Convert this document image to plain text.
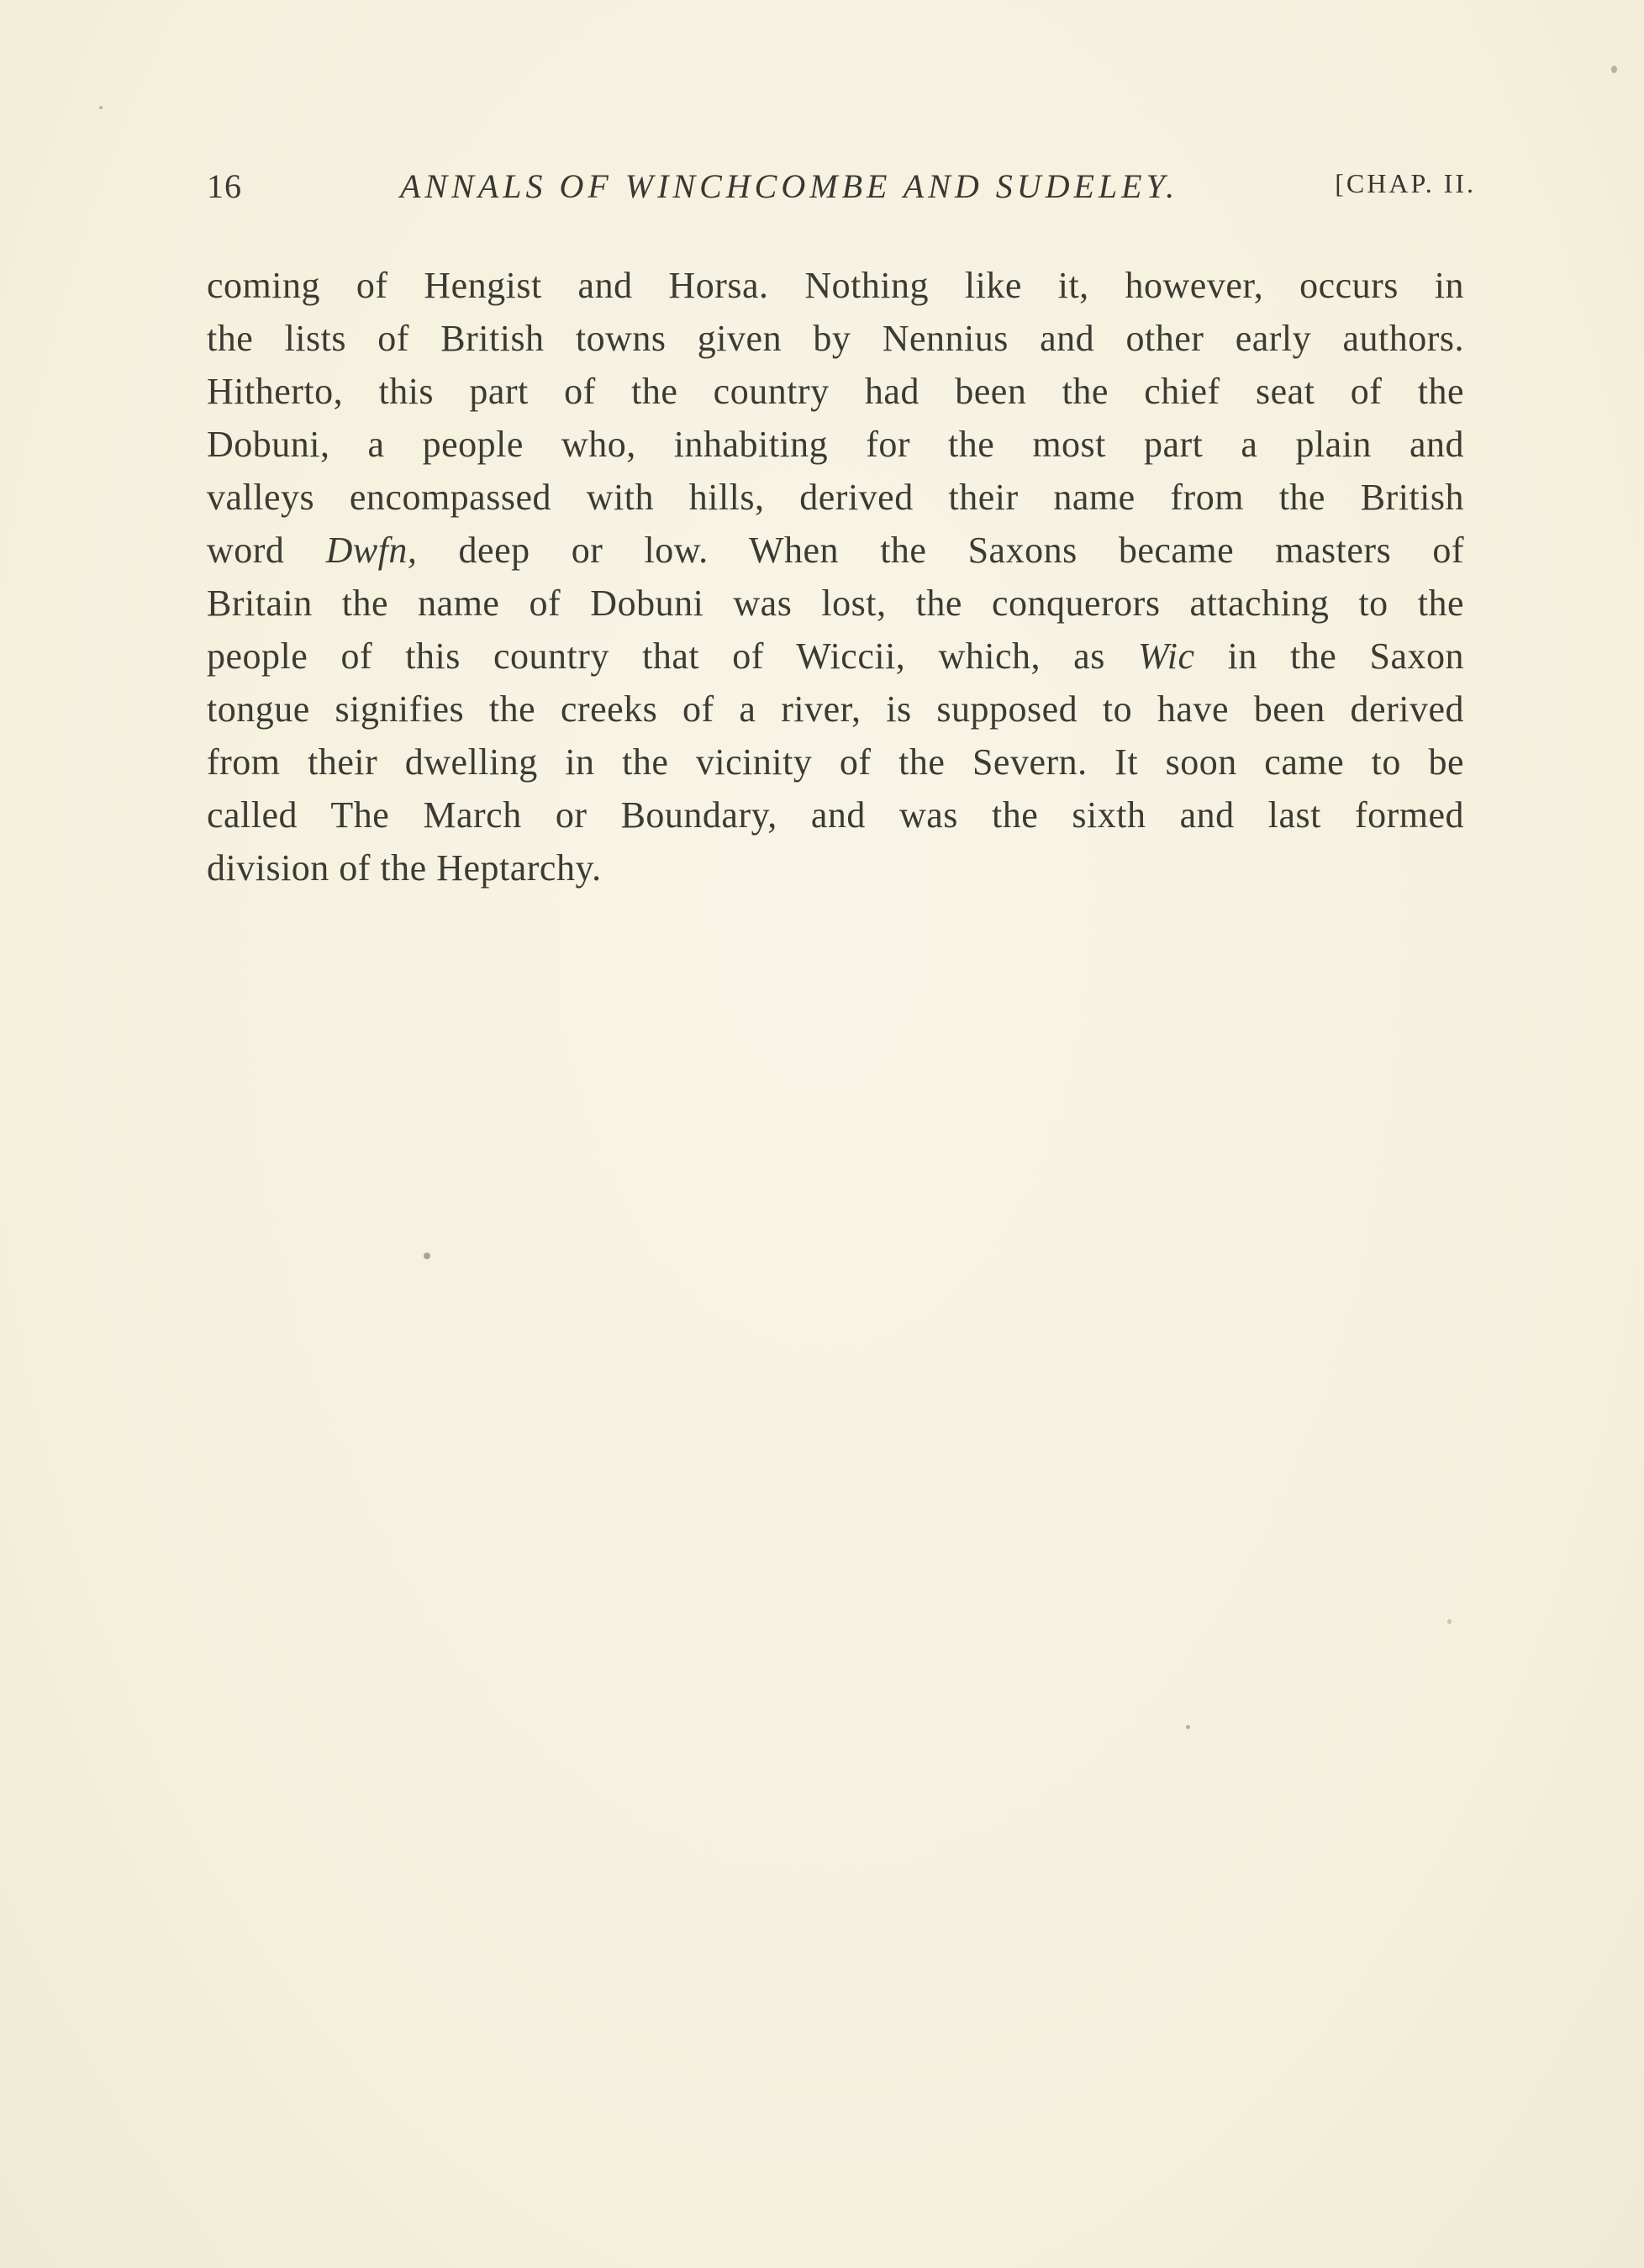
16	ANNALS OF WINCHCOMBE AND SUDELEY.	[CHAP. II.
coming of Hengist and Horsa. Nothing like it, however, occurs in
the lists of British towns given by Nennius and other early authors.
Hitherto, this part of the country had been the chief seat of the
Dobuni, a people who, inhabiting for the most part a plain and
valleys encompassed with hills, derived their name from the British
word Dwfn, deep or low. When the Saxons became masters of
Britain the name of Dobuni was lost, the conquerors attaching to the
people of this country that of Wiccii, which, as Wic in the Saxon
tongue signifies the creeks of a river, is supposed to have been derived
from their dwelling in the vicinity of the Severn. It soon came to be
called The March or Boundary, and was the sixth and last formed
division of the Heptarchy.
